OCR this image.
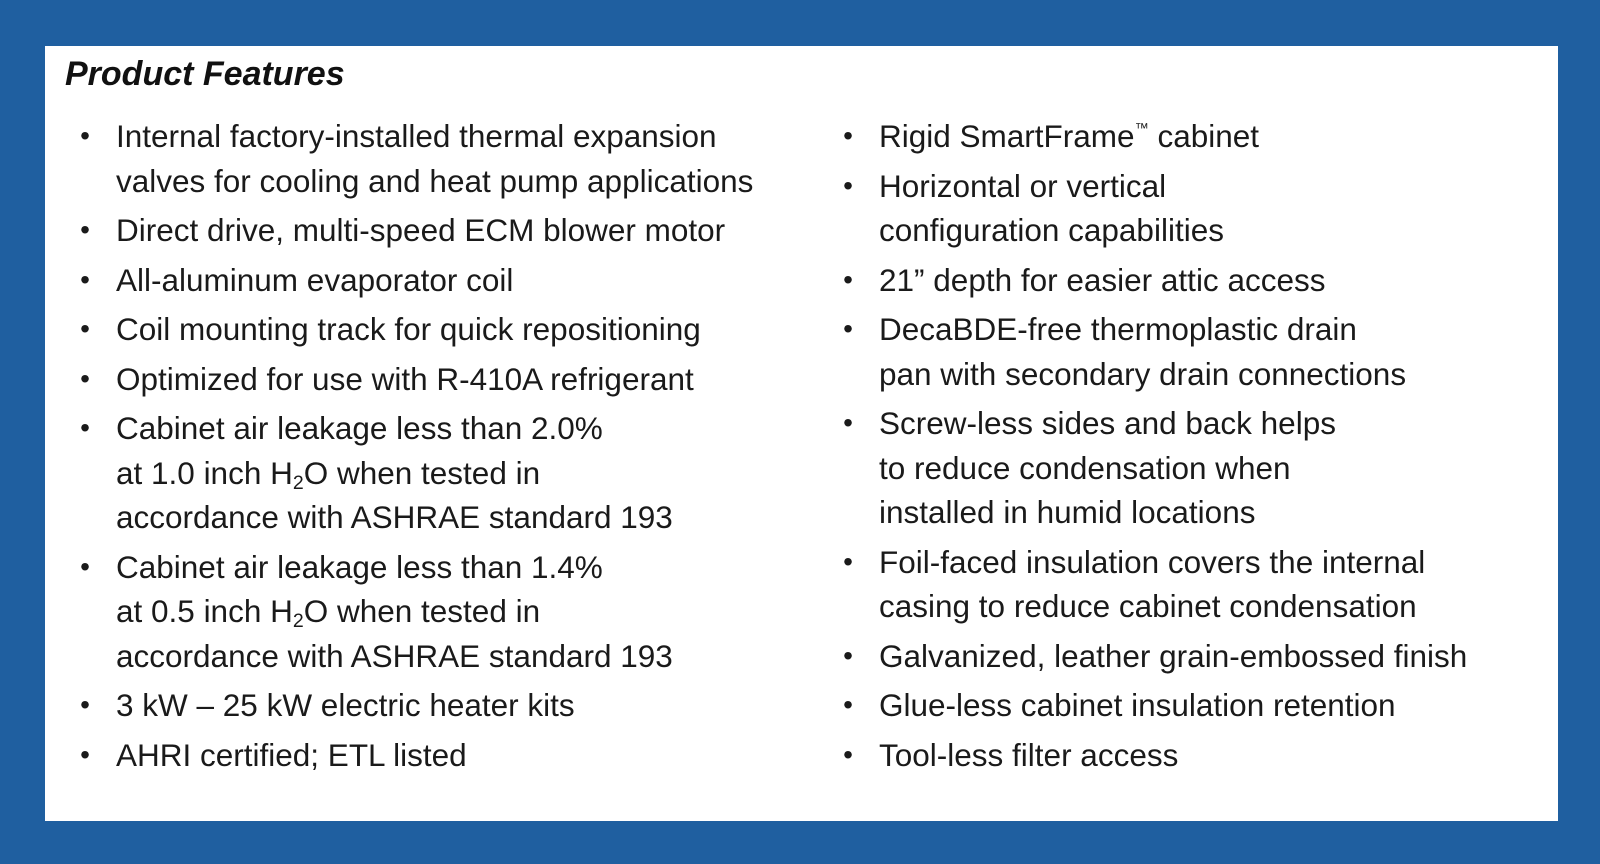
Product Features
• Internal factory-installed thermal expansion
valves for cooling and heat pump applications
• Direct drive, multi-speed ECM blower motor
• All-aluminum evaporator coil
• Coil mounting track for quick repositioning
• Optimized for use with R-410A refrigerant
• Cabinet air leakage less than 2.0%
at 1.0 inch $H_2O$ when tested in
accordance with ASHRAE standard 193
• Cabinet air leakage less than 1.4%
at 0.5 inch $H_2O$ when tested in
accordance with ASHRAE standard 193
• 3 kW – 25 kW electric heater kits
• AHRI certified; ETL listed
• Rigid SmartFrame™ cabinet
• Horizontal or vertical
configuration capabilities
• 21” depth for easier attic access
• DecaBDE-free thermoplastic drain
pan with secondary drain connections
• Screw-less sides and back helps
to reduce condensation when
installed in humid locations
• Foil-faced insulation covers the internal
casing to reduce cabinet condensation
• Galvanized, leather grain-embossed finish
• Glue-less cabinet insulation retention
• Tool-less filter access
